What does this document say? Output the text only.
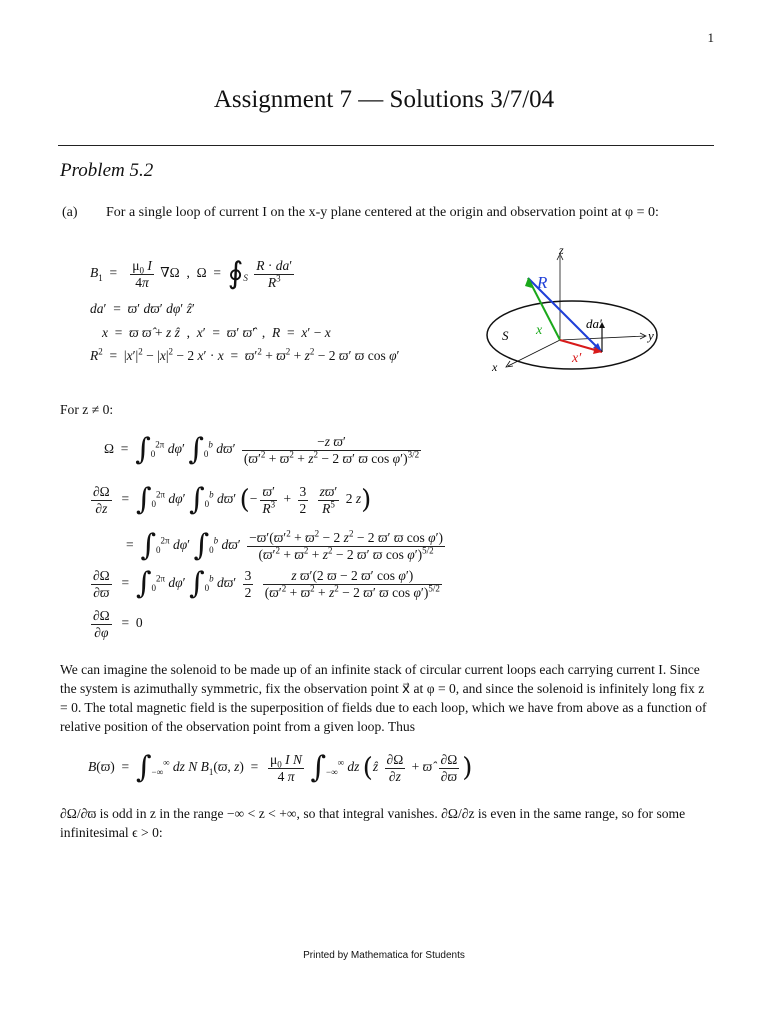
1
Assignment 7 — Solutions 3/7/04
Problem 5.2
(a) For a single loop of current I on the x-y plane centered at the origin and observation point at φ = 0:
$B_1 = \frac{\mu_0 I}{4\pi} \nabla\Omega$  ,  $\Omega = ∮_S \frac{R \cdot da'}{R^3}$
da′  =  ϖ′ dϖ′ dφ′ ẑ′
x  =  ϖ ϖ̂ + z ẑ  ,  x′  =  ϖ′ ϖ̂′  ,  R  =  x′ − x
$R^2 = |x'|^2 - |x|^2 - 2$ $x' \cdot x = ϖ'^2 + ϖ^2 + z^2 - 2$ ϖ′ ϖ cos φ′
z
y
x
S
R
x
x′
da′
For z ≠ 0:
$\Omega = \int_0^{2\pi}$ dφ′ $\int_0^b$ $dϖ' \frac{\text{−z ϖ′}}{(ϖ'^2 + ϖ^2 + z^2 - 2 ϖ' ϖ \cos \varphi')^{3/2}}$
$\frac{\partial\Omega}{\partial z} = \int_0^{2\pi}$ dφ′ $\int_0^b$ dϖ′ (− $\frac{ϖ'}{R^3} + \frac{3}{2}$
$\frac{zϖ'}{R^5} 2$ z)
=  $\int_0^{2\pi}$ dφ′ $\int_0^b$ $dϖ' \frac{-ϖ'(ϖ'^2 + ϖ^2 - 2 z^2 - 2 ϖ' ϖ \cos \varphi')}{(ϖ'^2 + ϖ^2 + z^2 - 2 ϖ' ϖ \cos \varphi')^{5/2}}$
$\frac{\partial\Omega}{\partial ϖ} = \int_0^{2\pi}$ dφ′ $\int_0^b$ $dϖ' \frac{3}{2}$
$\frac{\text{z ϖ′(2 ϖ − 2 ϖ′ cos φ′)}}{(ϖ'^2 + ϖ^2 + z^2 - 2 ϖ' ϖ \cos \varphi')^{5/2}}$
$\frac{\partial\Omega}{\partial\varphi} = 0$
We can imagine the solenoid to be made up of an infinite stack of circular current loops each carrying current I. Since the system is azimuthally symmetric, fix the observation point x⃗ at φ = 0, and since the solenoid is infinitely long fix z = 0. The total magnetic field is the superposition of fields due to each loop, which we have from above as a function of relative position of the observation point from a given loop. Thus
$B(ϖ) = \int_{-\infty}^\infty$ dz N $B_1(ϖ$, $z) = \frac{\mu_0 I N}{4 \pi} \int_{-\infty}^\infty$ dz (ẑ $\frac{\partial\Omega}{\partial z}$ + ϖ̂ $\frac{\partial\Omega}{\partial ϖ}$ )
∂Ω/∂ϖ is odd in z in the range −∞ < z < +∞, so that integral vanishes. ∂Ω/∂z is even in the same range, so for some infinitesimal ϵ > 0:
Printed by Mathematica for Students
